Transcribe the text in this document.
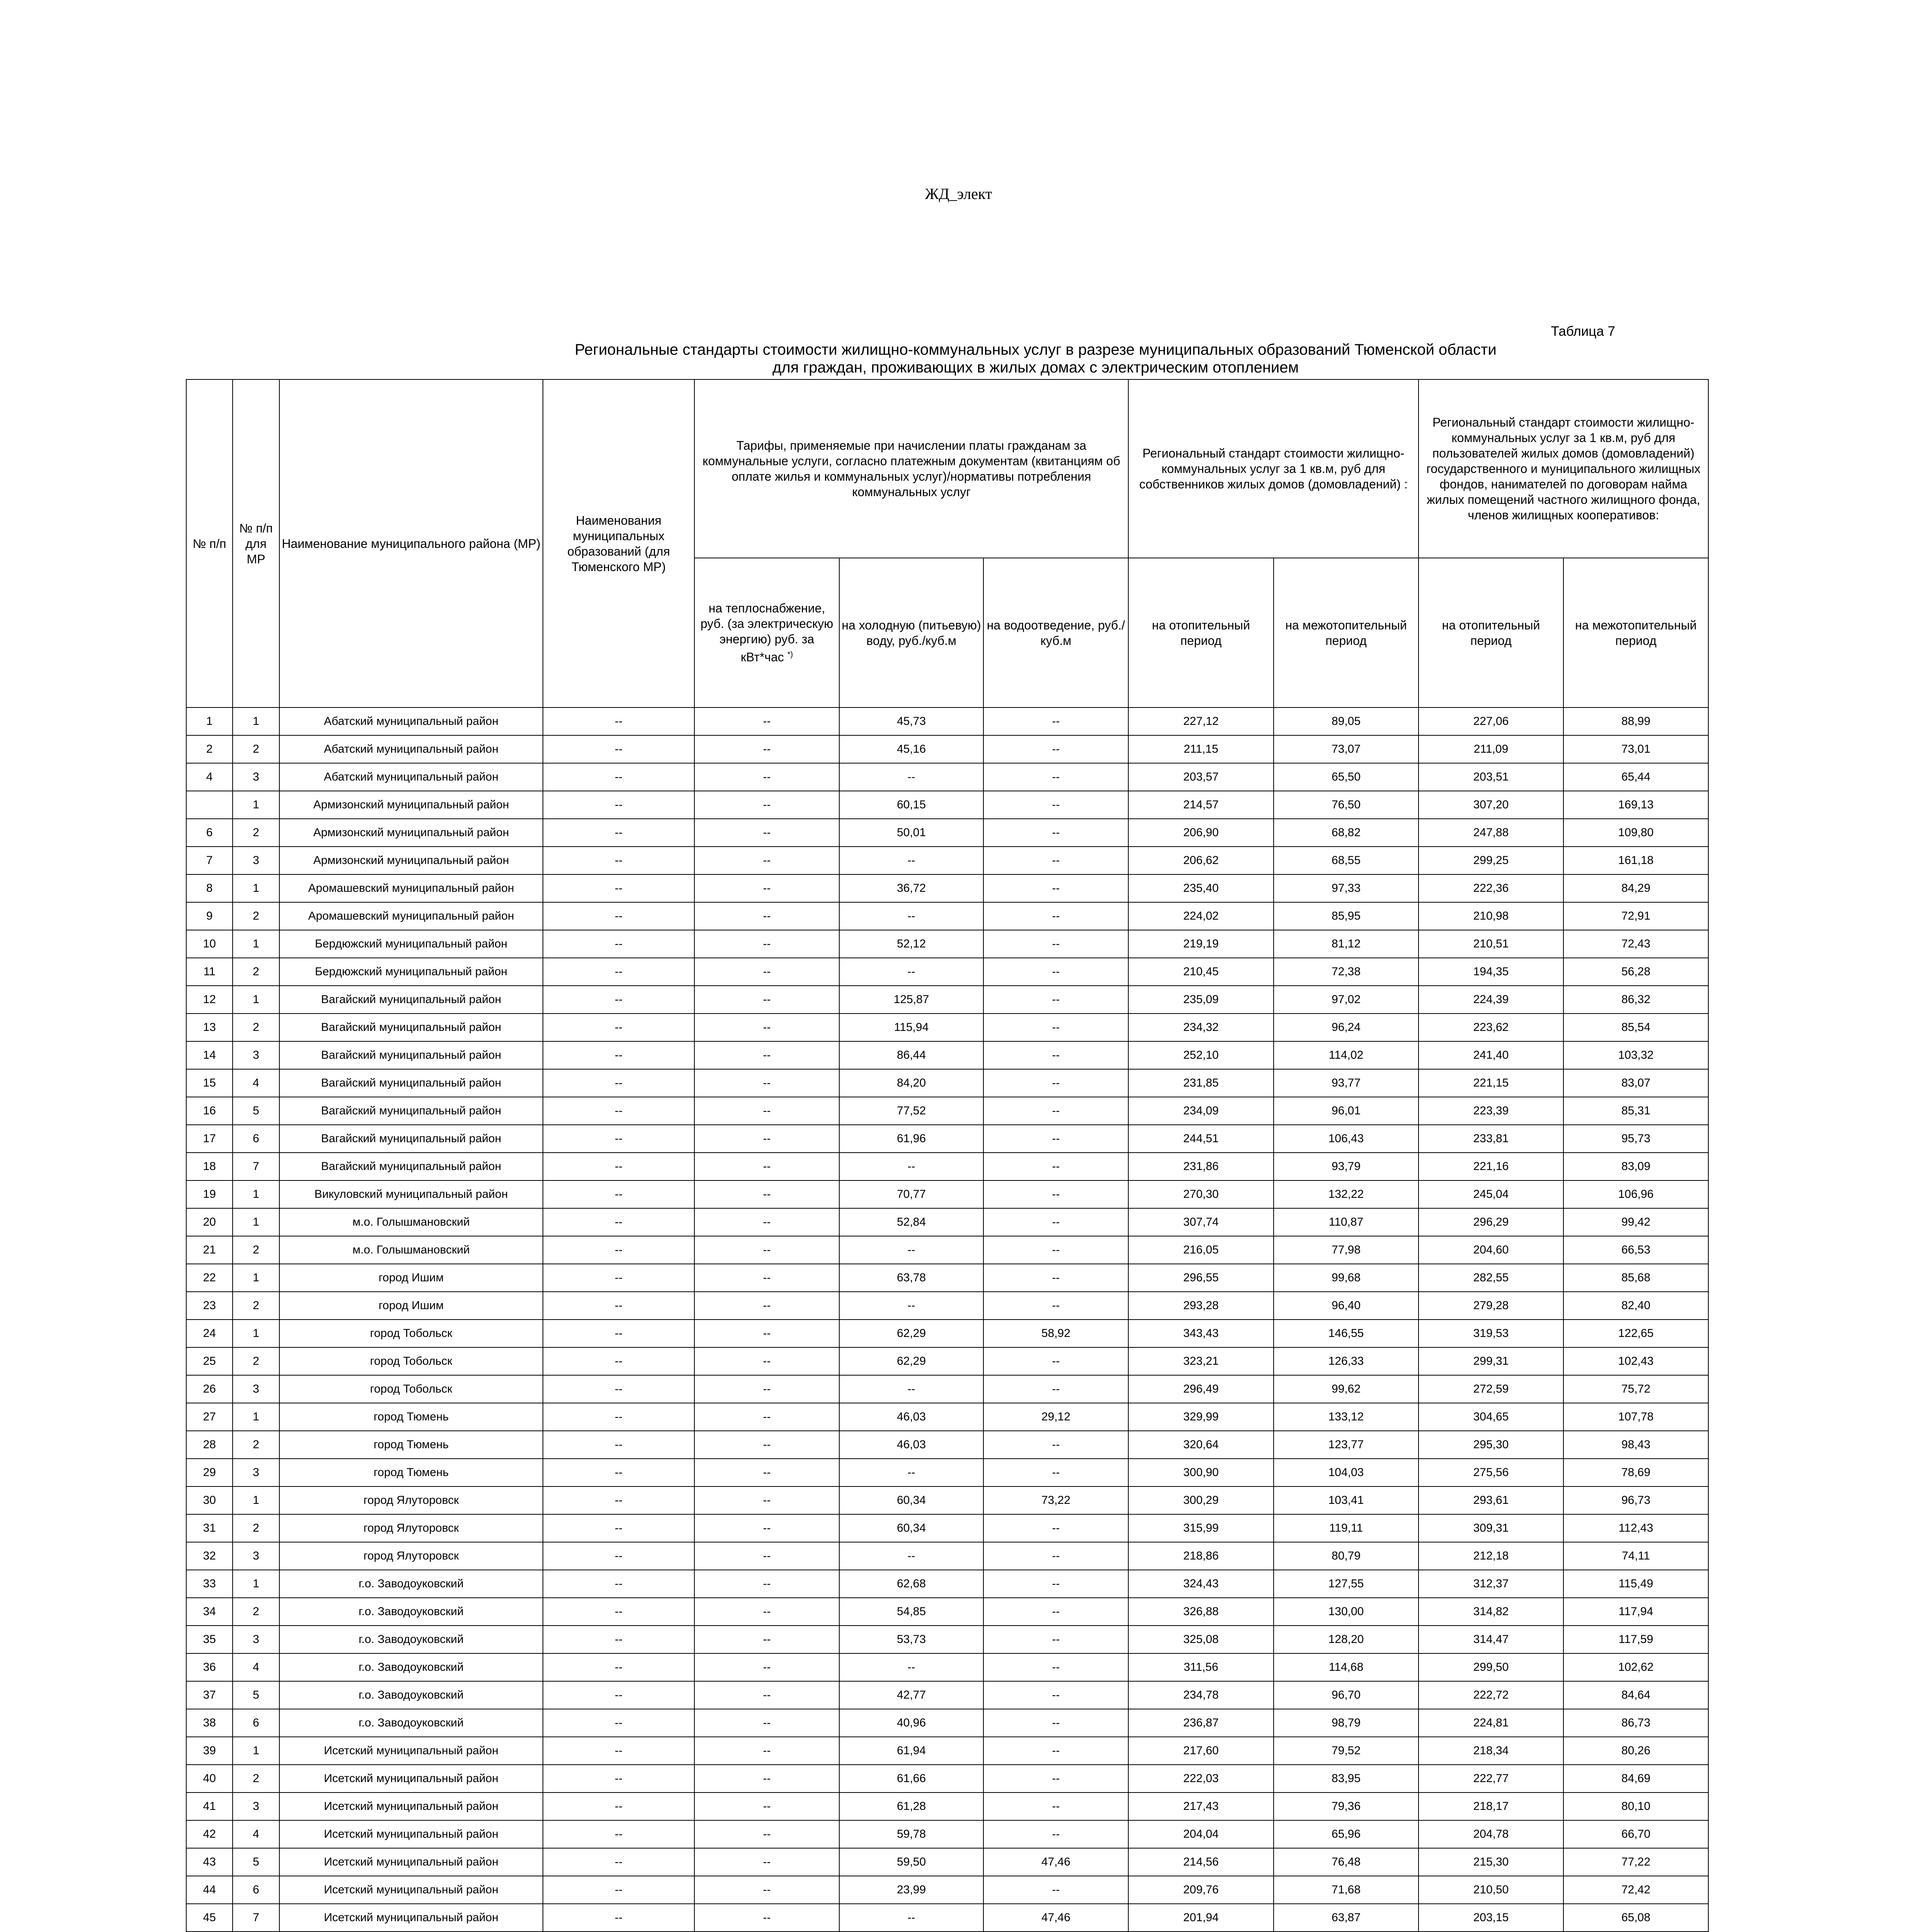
ЖД_элект
Таблица 7
Региональные стандарты стоимости жилищно-коммунальных услуг в разрезе муниципальных образований Тюменской области
для граждан, проживающих в жилых домах с электрическим отоплением
№ п/п	№ п/п для МР	Наименование муниципального района (МР)	Наименования муниципальных образований (для Тюменского МР)	Тарифы, применяемые при начислении платы гражданам за коммунальные услуги, согласно платежным документам (квитанциям об оплате жилья и коммунальных услуг)/нормативы потребления коммунальных услуг			Региональный стандарт стоимости жилищно-коммунальных услуг за 1 кв.м, руб для собственников жилых домов (домовладений) :		Региональный стандарт стоимости жилищно-коммунальных услуг за 1 кв.м, руб для пользователей жилых домов (домовладений) государственного и муниципального жилищных фондов, нанимателей по договорам найма жилых помещений частного жилищного фонда, членов жилищных кооперативов:	
				на теплоснабжение, руб. (за электрическую энергию) руб. за кВт*час *)	на холодную (питьевую) воду, руб./куб.м	на водоотведение, руб./куб.м	на отопительный период	на межотопительный период	на отопительный период	на межотопительный период
1	1	Абатский муниципальный район	--	--	45,73	--	227,12	89,05	227,06	88,99
2	2	Абатский муниципальный район	--	--	45,16	--	211,15	73,07	211,09	73,01
4	3	Абатский муниципальный район	--	--	--	--	203,57	65,50	203,51	65,44
	1	Армизонский муниципальный район	--	--	60,15	--	214,57	76,50	307,20	169,13
6	2	Армизонский муниципальный район	--	--	50,01	--	206,90	68,82	247,88	109,80
7	3	Армизонский муниципальный район	--	--	--	--	206,62	68,55	299,25	161,18
8	1	Аромашевский муниципальный район	--	--	36,72	--	235,40	97,33	222,36	84,29
9	2	Аромашевский муниципальный район	--	--	--	--	224,02	85,95	210,98	72,91
10	1	Бердюжский муниципальный район	--	--	52,12	--	219,19	81,12	210,51	72,43
11	2	Бердюжский муниципальный район	--	--	--	--	210,45	72,38	194,35	56,28
12	1	Вагайский муниципальный район	--	--	125,87	--	235,09	97,02	224,39	86,32
13	2	Вагайский муниципальный район	--	--	115,94	--	234,32	96,24	223,62	85,54
14	3	Вагайский муниципальный район	--	--	86,44	--	252,10	114,02	241,40	103,32
15	4	Вагайский муниципальный район	--	--	84,20	--	231,85	93,77	221,15	83,07
16	5	Вагайский муниципальный район	--	--	77,52	--	234,09	96,01	223,39	85,31
17	6	Вагайский муниципальный район	--	--	61,96	--	244,51	106,43	233,81	95,73
18	7	Вагайский муниципальный район	--	--	--	--	231,86	93,79	221,16	83,09
19	1	Викуловский муниципальный район	--	--	70,77	--	270,30	132,22	245,04	106,96
20	1	м.о. Голышмановский	--	--	52,84	--	307,74	110,87	296,29	99,42
21	2	м.о. Голышмановский	--	--	--	--	216,05	77,98	204,60	66,53
22	1	город Ишим	--	--	63,78	--	296,55	99,68	282,55	85,68
23	2	город Ишим	--	--	--	--	293,28	96,40	279,28	82,40
24	1	город Тобольск	--	--	62,29	58,92	343,43	146,55	319,53	122,65
25	2	город Тобольск	--	--	62,29	--	323,21	126,33	299,31	102,43
26	3	город Тобольск	--	--	--	--	296,49	99,62	272,59	75,72
27	1	город Тюмень	--	--	46,03	29,12	329,99	133,12	304,65	107,78
28	2	город Тюмень	--	--	46,03	--	320,64	123,77	295,30	98,43
29	3	город Тюмень	--	--	--	--	300,90	104,03	275,56	78,69
30	1	город Ялуторовск	--	--	60,34	73,22	300,29	103,41	293,61	96,73
31	2	город Ялуторовск	--	--	60,34	--	315,99	119,11	309,31	112,43
32	3	город Ялуторовск	--	--	--	--	218,86	80,79	212,18	74,11
33	1	г.о. Заводоуковский	--	--	62,68	--	324,43	127,55	312,37	115,49
34	2	г.о. Заводоуковский	--	--	54,85	--	326,88	130,00	314,82	117,94
35	3	г.о. Заводоуковский	--	--	53,73	--	325,08	128,20	314,47	117,59
36	4	г.о. Заводоуковский	--	--	--	--	311,56	114,68	299,50	102,62
37	5	г.о. Заводоуковский	--	--	42,77	--	234,78	96,70	222,72	84,64
38	6	г.о. Заводоуковский	--	--	40,96	--	236,87	98,79	224,81	86,73
39	1	Исетский муниципальный район	--	--	61,94	--	217,60	79,52	218,34	80,26
40	2	Исетский муниципальный район	--	--	61,66	--	222,03	83,95	222,77	84,69
41	3	Исетский муниципальный район	--	--	61,28	--	217,43	79,36	218,17	80,10
42	4	Исетский муниципальный район	--	--	59,78	--	204,04	65,96	204,78	66,70
43	5	Исетский муниципальный район	--	--	59,50	47,46	214,56	76,48	215,30	77,22
44	6	Исетский муниципальный район	--	--	23,99	--	209,76	71,68	210,50	72,42
45	7	Исетский муниципальный район	--	--	--	47,46	201,94	63,87	203,15	65,08
